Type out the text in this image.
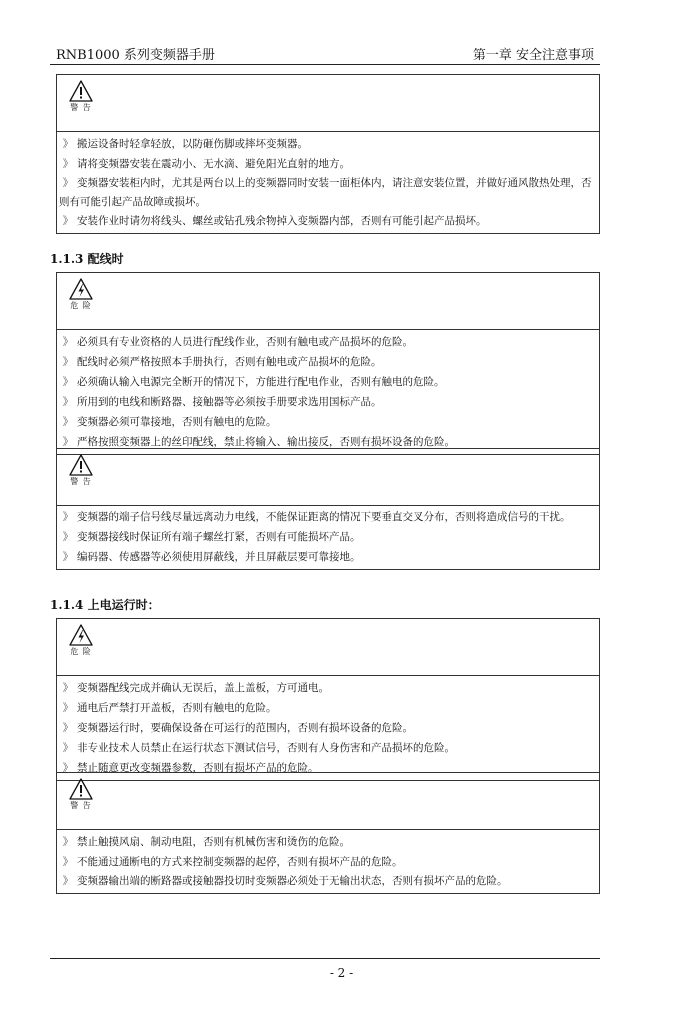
RNB1000 系列变频器手册	第一章 安全注意事项
警 告
》 搬运设备时轻拿轻放，以防砸伤脚或摔坏变频器。
》 请将变频器安装在震动小、无水滴、避免阳光直射的地方。
》 变频器安装柜内时，尤其是两台以上的变频器同时安装一面柜体内，请注意安装位置，并做好通风散热处理，否则有可能引起产品故障或损坏。
》 安装作业时请勿将线头、螺丝或钻孔残余物掉入变频器内部，否则有可能引起产品损坏。
1.1.3 配线时
危 险
》 必须具有专业资格的人员进行配线作业，否则有触电或产品损坏的危险。
》 配线时必须严格按照本手册执行，否则有触电或产品损坏的危险。
》 必须确认输入电源完全断开的情况下，方能进行配电作业，否则有触电的危险。
》 所用到的电线和断路器、接触器等必须按手册要求选用国标产品。
》 变频器必须可靠接地，否则有触电的危险。
》 严格按照变频器上的丝印配线，禁止将输入、输出接反，否则有损坏设备的危险。
警 告
》 变频器的端子信号线尽量远离动力电线，不能保证距离的情况下要垂直交叉分布，否则将造成信号的干扰。
》 变频器接线时保证所有端子螺丝打紧，否则有可能损坏产品。
》 编码器、传感器等必须使用屏蔽线，并且屏蔽层要可靠接地。
1.1.4 上电运行时：
危 险
》 变频器配线完成并确认无误后，盖上盖板，方可通电。
》 通电后严禁打开盖板，否则有触电的危险。
》 变频器运行时，要确保设备在可运行的范围内，否则有损坏设备的危险。
》 非专业技术人员禁止在运行状态下测试信号，否则有人身伤害和产品损坏的危险。
》 禁止随意更改变频器参数，否则有损坏产品的危险。
警 告
》 禁止触摸风扇、制动电阻，否则有机械伤害和烫伤的危险。
》 不能通过通断电的方式来控制变频器的起停，否则有损坏产品的危险。
》 变频器输出端的断路器或接触器投切时变频器必须处于无输出状态，否则有损坏产品的危险。
- 2 -
